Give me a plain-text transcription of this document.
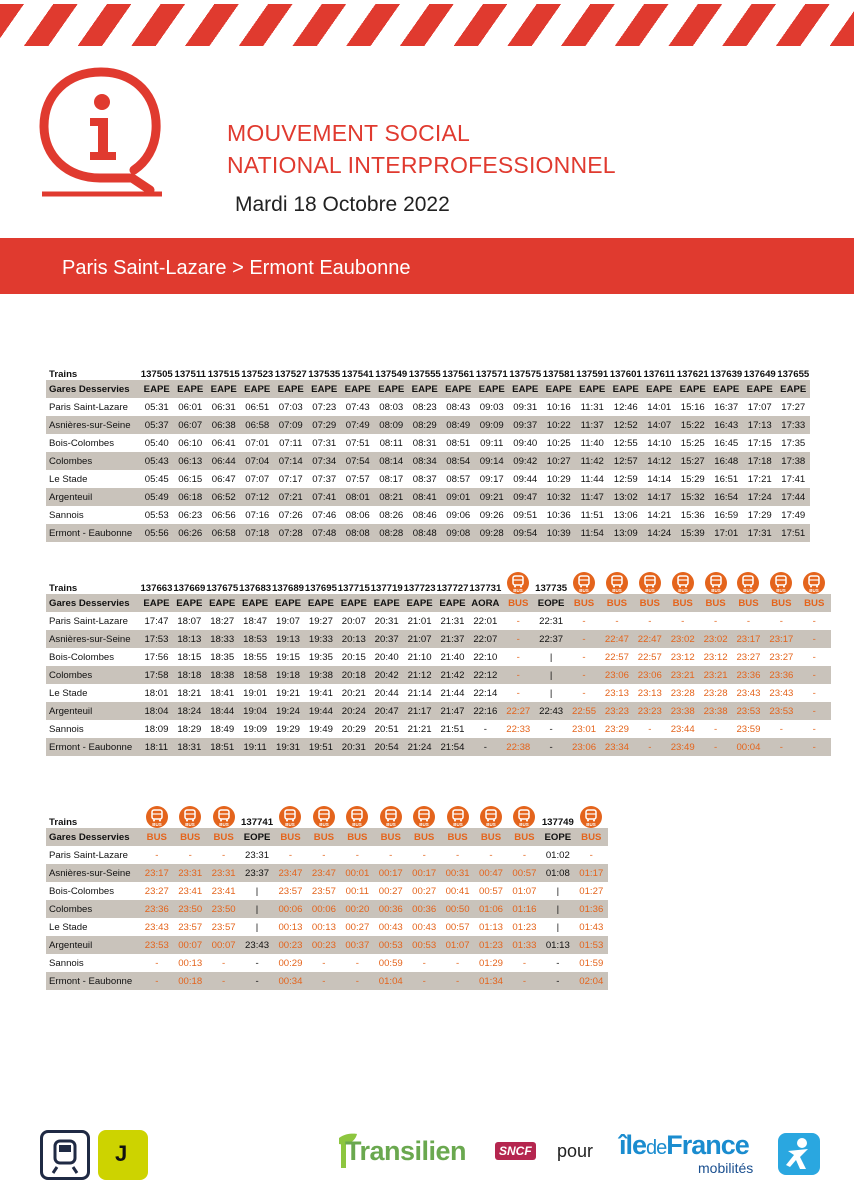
MOUVEMENT SOCIAL
NATIONAL INTERPROFESSIONNEL
Mardi 18 Octobre 2022
Paris Saint-Lazare > Ermont Eaubonne
Trains	137505	137511	137515	137523	137527	137535	137541	137549	137555	137561	137571	137575	137581	137591	137601	137611	137621	137639	137649	137655
Gares Desservies	EAPE	EAPE	EAPE	EAPE	EAPE	EAPE	EAPE	EAPE	EAPE	EAPE	EAPE	EAPE	EAPE	EAPE	EAPE	EAPE	EAPE	EAPE	EAPE	EAPE
Paris Saint-Lazare	05:31	06:01	06:31	06:51	07:03	07:23	07:43	08:03	08:23	08:43	09:03	09:31	10:16	11:31	12:46	14:01	15:16	16:37	17:07	17:27
Asnières-sur-Seine	05:37	06:07	06:38	06:58	07:09	07:29	07:49	08:09	08:29	08:49	09:09	09:37	10:22	11:37	12:52	14:07	15:22	16:43	17:13	17:33
Bois-Colombes	05:40	06:10	06:41	07:01	07:11	07:31	07:51	08:11	08:31	08:51	09:11	09:40	10:25	11:40	12:55	14:10	15:25	16:45	17:15	17:35
Colombes	05:43	06:13	06:44	07:04	07:14	07:34	07:54	08:14	08:34	08:54	09:14	09:42	10:27	11:42	12:57	14:12	15:27	16:48	17:18	17:38
Le Stade	05:45	06:15	06:47	07:07	07:17	07:37	07:57	08:17	08:37	08:57	09:17	09:44	10:29	11:44	12:59	14:14	15:29	16:51	17:21	17:41
Argenteuil	05:49	06:18	06:52	07:12	07:21	07:41	08:01	08:21	08:41	09:01	09:21	09:47	10:32	11:47	13:02	14:17	15:32	16:54	17:24	17:44
Sannois	05:53	06:23	06:56	07:16	07:26	07:46	08:06	08:26	08:46	09:06	09:26	09:51	10:36	11:51	13:06	14:21	15:36	16:59	17:29	17:49
Ermont - Eaubonne	05:56	06:26	06:58	07:18	07:28	07:48	08:08	08:28	08:48	09:08	09:28	09:54	10:39	11:54	13:09	14:24	15:39	17:01	17:31	17:51
Trains	137663	137669	137675	137683	137689	137695	137715	137719	137723	137727	137731	BUS	137735	BUS	BUS	BUS	BUS	BUS	BUS	BUS	BUS

Gares Desservies	EAPE	EAPE	EAPE	EAPE	EAPE	EAPE	EAPE	EAPE	EAPE	EAPE	AORA	BUS	EOPE	BUS	BUS	BUS	BUS	BUS	BUS	BUS	BUS
Paris Saint-Lazare	17:47	18:07	18:27	18:47	19:07	19:27	20:07	20:31	21:01	21:31	22:01	-	22:31	-	-	-	-	-	-	-	-
Asnières-sur-Seine	17:53	18:13	18:33	18:53	19:13	19:33	20:13	20:37	21:07	21:37	22:07	-	22:37	-	22:47	22:47	23:02	23:02	23:17	23:17	-
Bois-Colombes	17:56	18:15	18:35	18:55	19:15	19:35	20:15	20:40	21:10	21:40	22:10	-	|	-	22:57	22:57	23:12	23:12	23:27	23:27	-
Colombes	17:58	18:18	18:38	18:58	19:18	19:38	20:18	20:42	21:12	21:42	22:12	-	|	-	23:06	23:06	23:21	23:21	23:36	23:36	-
Le Stade	18:01	18:21	18:41	19:01	19:21	19:41	20:21	20:44	21:14	21:44	22:14	-	|	-	23:13	23:13	23:28	23:28	23:43	23:43	-
Argenteuil	18:04	18:24	18:44	19:04	19:24	19:44	20:24	20:47	21:17	21:47	22:16	22:27	22:43	22:55	23:23	23:23	23:38	23:38	23:53	23:53	-
Sannois	18:09	18:29	18:49	19:09	19:29	19:49	20:29	20:51	21:21	21:51	-	22:33	-	23:01	23:29	-	23:44	-	23:59	-	-
Ermont - Eaubonne	18:11	18:31	18:51	19:11	19:31	19:51	20:31	20:54	21:24	21:54	-	22:38	-	23:06	23:34	-	23:49	-	00:04	-	-
Trains	BUS	BUS	BUS	137741	BUS	BUS	BUS	BUS	BUS	BUS	BUS	BUS	137749	BUS

Gares Desservies	BUS	BUS	BUS	EOPE	BUS	BUS	BUS	BUS	BUS	BUS	BUS	BUS	EOPE	BUS
Paris Saint-Lazare	-	-	-	23:31	-	-	-	-	-	-	-	-	01:02	-
Asnières-sur-Seine	23:17	23:31	23:31	23:37	23:47	23:47	00:01	00:17	00:17	00:31	00:47	00:57	01:08	01:17
Bois-Colombes	23:27	23:41	23:41	|	23:57	23:57	00:11	00:27	00:27	00:41	00:57	01:07	|	01:27
Colombes	23:36	23:50	23:50	|	00:06	00:06	00:20	00:36	00:36	00:50	01:06	01:16	|	01:36
Le Stade	23:43	23:57	23:57	|	00:13	00:13	00:27	00:43	00:43	00:57	01:13	01:23	|	01:43
Argenteuil	23:53	00:07	00:07	23:43	00:23	00:23	00:37	00:53	00:53	01:07	01:23	01:33	01:13	01:53
Sannois	-	00:13	-	-	00:29	-	-	00:59	-	-	01:29	-	-	01:59
Ermont - Eaubonne	-	00:18	-	-	00:34	-	-	01:04	-	-	01:34	-	-	02:04
J	Transilien	SNCF pour îledeFrance
mobilités
